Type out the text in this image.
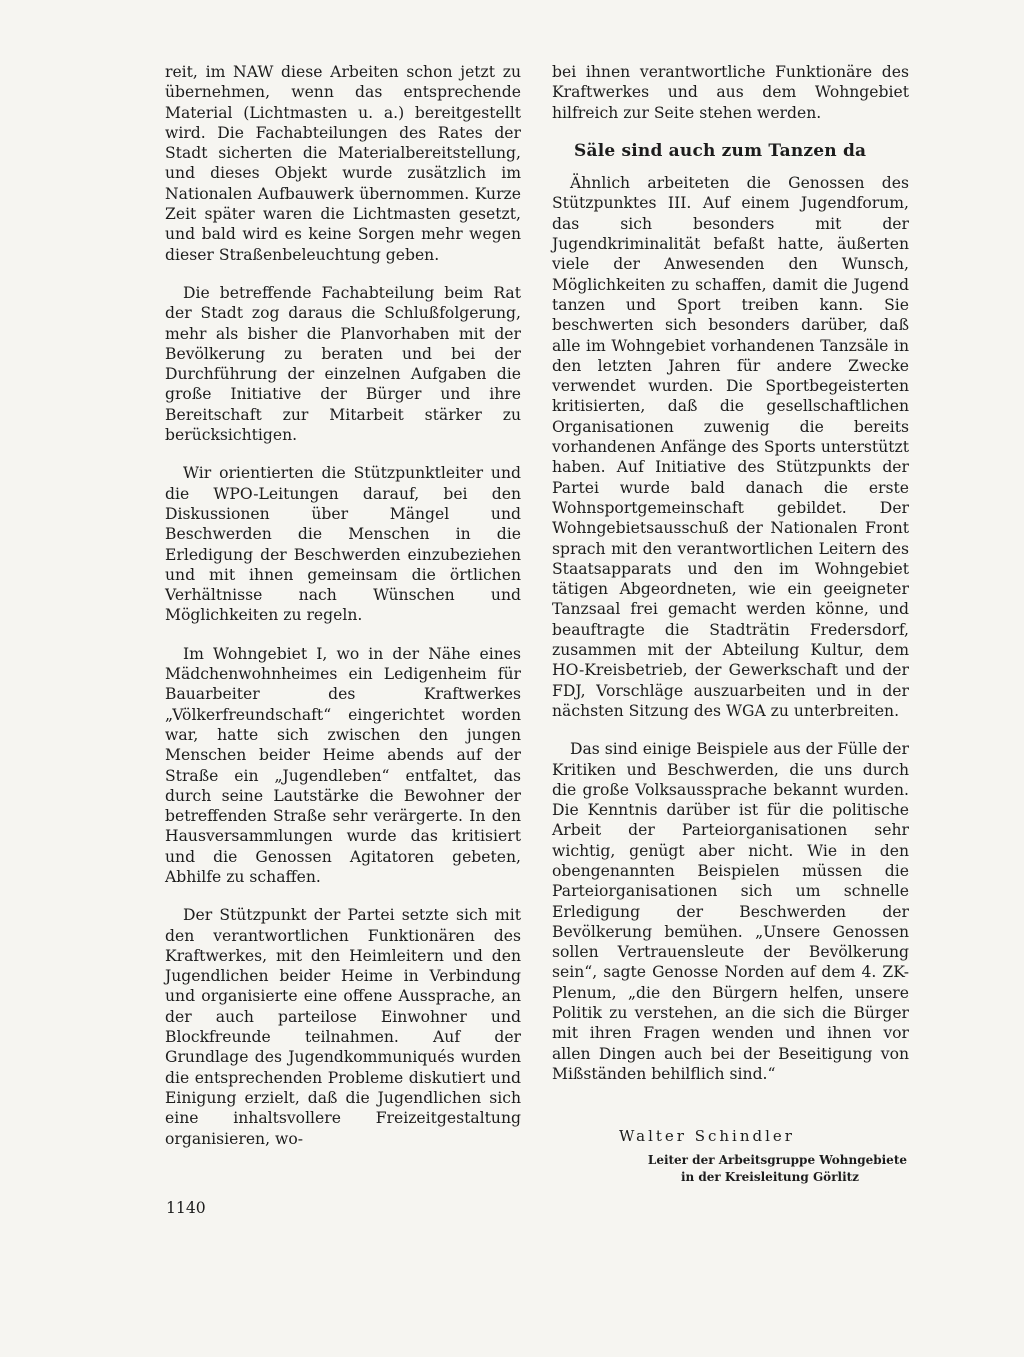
reit, im NAW diese Arbeiten schon jetzt zu übernehmen, wenn das entsprechende Material (Lichtmasten u. a.) bereitgestellt wird. Die Fachabteilungen des Rates der Stadt sicherten die Materialbereitstellung, und dieses Objekt wurde zusätzlich im Nationalen Aufbauwerk übernommen. Kurze Zeit später waren die Lichtmasten gesetzt, und bald wird es keine Sorgen mehr wegen dieser Straßenbeleuchtung geben.

Die betreffende Fachabteilung beim Rat der Stadt zog daraus die Schlußfolgerung, mehr als bisher die Planvorhaben mit der Bevölkerung zu beraten und bei der Durchführung der einzelnen Aufgaben die große Initiative der Bürger und ihre Bereitschaft zur Mitarbeit stärker zu berücksichtigen.

Wir orientierten die Stützpunktleiter und die WPO-Leitungen darauf, bei den Diskussionen über Mängel und Beschwerden die Menschen in die Erledigung der Beschwerden einzubeziehen und mit ihnen gemeinsam die örtlichen Verhältnisse nach Wünschen und Möglichkeiten zu regeln.

Im Wohngebiet I, wo in der Nähe eines Mädchenwohnheimes ein Ledigenheim für Bauarbeiter des Kraftwerkes „Völkerfreundschaft“ eingerichtet worden war, hatte sich zwischen den jungen Menschen beider Heime abends auf der Straße ein „Jugendleben“ entfaltet, das durch seine Lautstärke die Bewohner der betreffenden Straße sehr verärgerte. In den Hausversammlungen wurde das kritisiert und die Genossen Agitatoren gebeten, Abhilfe zu schaffen.

Der Stützpunkt der Partei setzte sich mit den verantwortlichen Funktionären des Kraftwerkes, mit den Heimleitern und den Jugendlichen beider Heime in Verbindung und organisierte eine offene Aussprache, an der auch parteilose Einwohner und Blockfreunde teilnahmen. Auf der Grundlage des Jugendkommuniqués wurden die entsprechenden Probleme diskutiert und Einigung erzielt, daß die Jugendlichen sich eine inhaltsvollere Freizeitgestaltung organisieren, wo-

bei ihnen verantwortliche Funktionäre des Kraftwerkes und aus dem Wohngebiet hilfreich zur Seite stehen werden.

Säle sind auch zum Tanzen da

Ähnlich arbeiteten die Genossen des Stützpunktes III. Auf einem Jugendforum, das sich besonders mit der Jugendkriminalität befaßt hatte, äußerten viele der Anwesenden den Wunsch, Möglichkeiten zu schaffen, damit die Jugend tanzen und Sport treiben kann. Sie beschwerten sich besonders darüber, daß alle im Wohngebiet vorhandenen Tanzsäle in den letzten Jahren für andere Zwecke verwendet wurden. Die Sportbegeisterten kritisierten, daß die gesellschaftlichen Organisationen zuwenig die bereits vorhandenen Anfänge des Sports unterstützt haben. Auf Initiative des Stützpunkts der Partei wurde bald danach die erste Wohnsportgemeinschaft gebildet. Der Wohngebietsausschuß der Nationalen Front sprach mit den verantwortlichen Leitern des Staatsapparats und den im Wohngebiet tätigen Abgeordneten, wie ein geeigneter Tanzsaal frei gemacht werden könne, und beauftragte die Stadträtin Fredersdorf, zusammen mit der Abteilung Kultur, dem HO-Kreisbetrieb, der Gewerkschaft und der FDJ, Vorschläge auszuarbeiten und in der nächsten Sitzung des WGA zu unterbreiten.

Das sind einige Beispiele aus der Fülle der Kritiken und Beschwerden, die uns durch die große Volksaussprache bekannt wurden. Die Kenntnis darüber ist für die politische Arbeit der Parteiorganisationen sehr wichtig, genügt aber nicht. Wie in den obengenannten Beispielen müssen die Parteiorganisationen sich um schnelle Erledigung der Beschwerden der Bevölkerung bemühen. „Unsere Genossen sollen Vertrauensleute der Bevölkerung sein“, sagte Genosse Norden auf dem 4. ZK-Plenum, „die den Bürgern helfen, unsere Politik zu verstehen, an die sich die Bürger mit ihren Fragen wenden und ihnen vor allen Dingen auch bei der Beseitigung von Mißständen behilflich sind.“

Walter Schindler
Leiter der Arbeitsgruppe Wohngebiete
in der Kreisleitung Görlitz
1140
